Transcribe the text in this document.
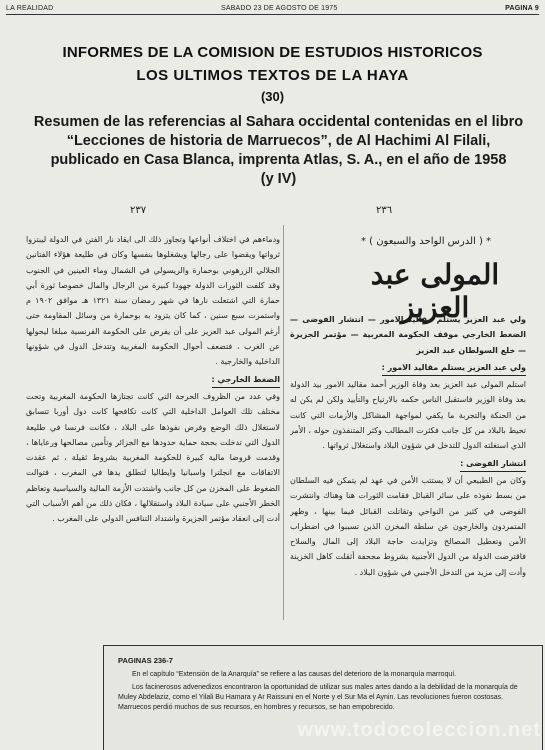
LA REALIDAD	SABADO 23 DE AGOSTO DE 1975	PAGINA 9
INFORMES DE LA COMISION DE ESTUDIOS HISTORICOS
LOS ULTIMOS TEXTOS DE LA HAYA
(30)
Resumen de las referencias al Sahara occidental contenidas en el libro
“Lecciones de historia de Marruecos”, de Al Hachimi Al Filali,
publicado en Casa Blanca, imprenta Atlas, S. A., en el año de 1958
(y IV)
٢٣٧	٢٣٦
* ( الدرس الواحد والسبعون ) *
المولى عبد العزيز

ولي عبد العزيز يستلم مقاليد الامور — انتشار الفوضى — الضغط الخارجي موقف الحكومة المغربية — مؤتمر الجزيرة — خلع السولطان عبد العزيز

ولي عبد العزيز يستلم مقاليد الامور :

استلم المولى عبد العزيز بعد وفاة الوزير أحمد مقاليد الامور بيد الدولة بعد وفاة الوزير فاستقبل الناس حكمه بالارتياح والتأييد ولكن لم يكن له من الحنكة والتجربة ما يكفي لمواجهة المشاكل والأزمات التي كانت تحيط بالبلاد من كل جانب فكثرت المطالب وكثر المتنفذون حوله ، الأمر الذي استغلته الدول للتدخل في شؤون البلاد واستغلال ثرواتها .

انتشار الفوضى :

وكان من الطبيعي أن لا يستتب الأمن في عهد لم يتمكن فيه السلطان من بسط نفوذه على سائر القبائل فقامت الثورات هنا وهناك وانتشرت الفوضى في كثير من النواحي وتقاتلت القبائل فيما بينها ، وظهر المتمردون والخارجون عن سلطة المخزن الذين تسببوا في اضطراب الأمن وتعطيل المصالح وتزايدت حاجة البلاد إلى المال والسلاح فاقترضت الدولة من الدول الأجنبية بشروط مجحفة أثقلت كاهل الخزينة وأدت إلى مزيد من التدخل الأجنبي في شؤون البلاد .

ودماءهم في اختلاف أنواعها وتجاوز ذلك الى ايقاد نار الفتن في الدولة ليبتزوا ثرواتها ويقضوا على رجالها ويشغلوها بنفسها وكان في طليعة هؤلاء الفتانين الجلالي الزرهوني بوحمارة والريسولي في الشمال وماء العينين في الجنوب وقد كلفت الثورات الدولة جهودا كبيرة من الرجال والمال خصوصا ثورة أبي حمارة التي اشتعلت نارها في شهر رمضان سنة ١٣٢١ هـ موافق ١٩٠٢ م واستمرت سبع سنين ، كما كان يتزود به بوحمارة من وسائل المقاومة حتى أرغم المولى عبد العزيز على أن يفرض على الحكومة الفرنسية مبلغا ليحولها عن الغرب ، فتضعف أحوال الحكومة المغربية وتتدخل الدول في شؤونها الداخلية والخارجية .

الضغط الخارجي :

وفي عدد من الظروف الحرجة التي كانت تجتازها الحكومة المغربية وتحت مختلف تلك العوامل الداخلية التي كانت تكافحها كانت دول أوربا تتسابق لاستغلال ذلك الوضع وفرض نفوذها على البلاد ، فكانت فرنسا في طليعة الدول التي تدخلت بحجة حماية حدودها مع الجزائر وتأمين مصالحها ورعاياها ، وقدمت قروضا مالية كبيرة للحكومة المغربية بشروط ثقيلة ، ثم عقدت الاتفاقات مع انجلترا واسبانيا وايطاليا لتطلق يدها في المغرب ، فتوالت الضغوط على المخزن من كل جانب واشتدت الأزمة المالية والسياسية وتعاظم الخطر الأجنبي على سيادة البلاد واستقلالها ، فكان ذلك من أهم الأسباب التي أدت إلى انعقاد مؤتمر الجزيرة واشتداد التنافس الدولي على المغرب .

PAGINAS 236-7

En el capítulo “Extensión de la Anarquía” se refiere a las causas del deterioro de la monarquía marroquí.

Los facinerosos advenedizos encontraron la oportunidad de utilizar sus males artes dando a la debilidad de la monarquía de Muley Abdelaziz, como el Yilali Bu Hamara y Ar Raissuni en el Norte y el Sur Ma el Aynin. Las revoluciones fueron costosas. Marruecos perdió muchos de sus recursos, en hombres y recursos, se han empobrecido.

www.todocoleccion.net
